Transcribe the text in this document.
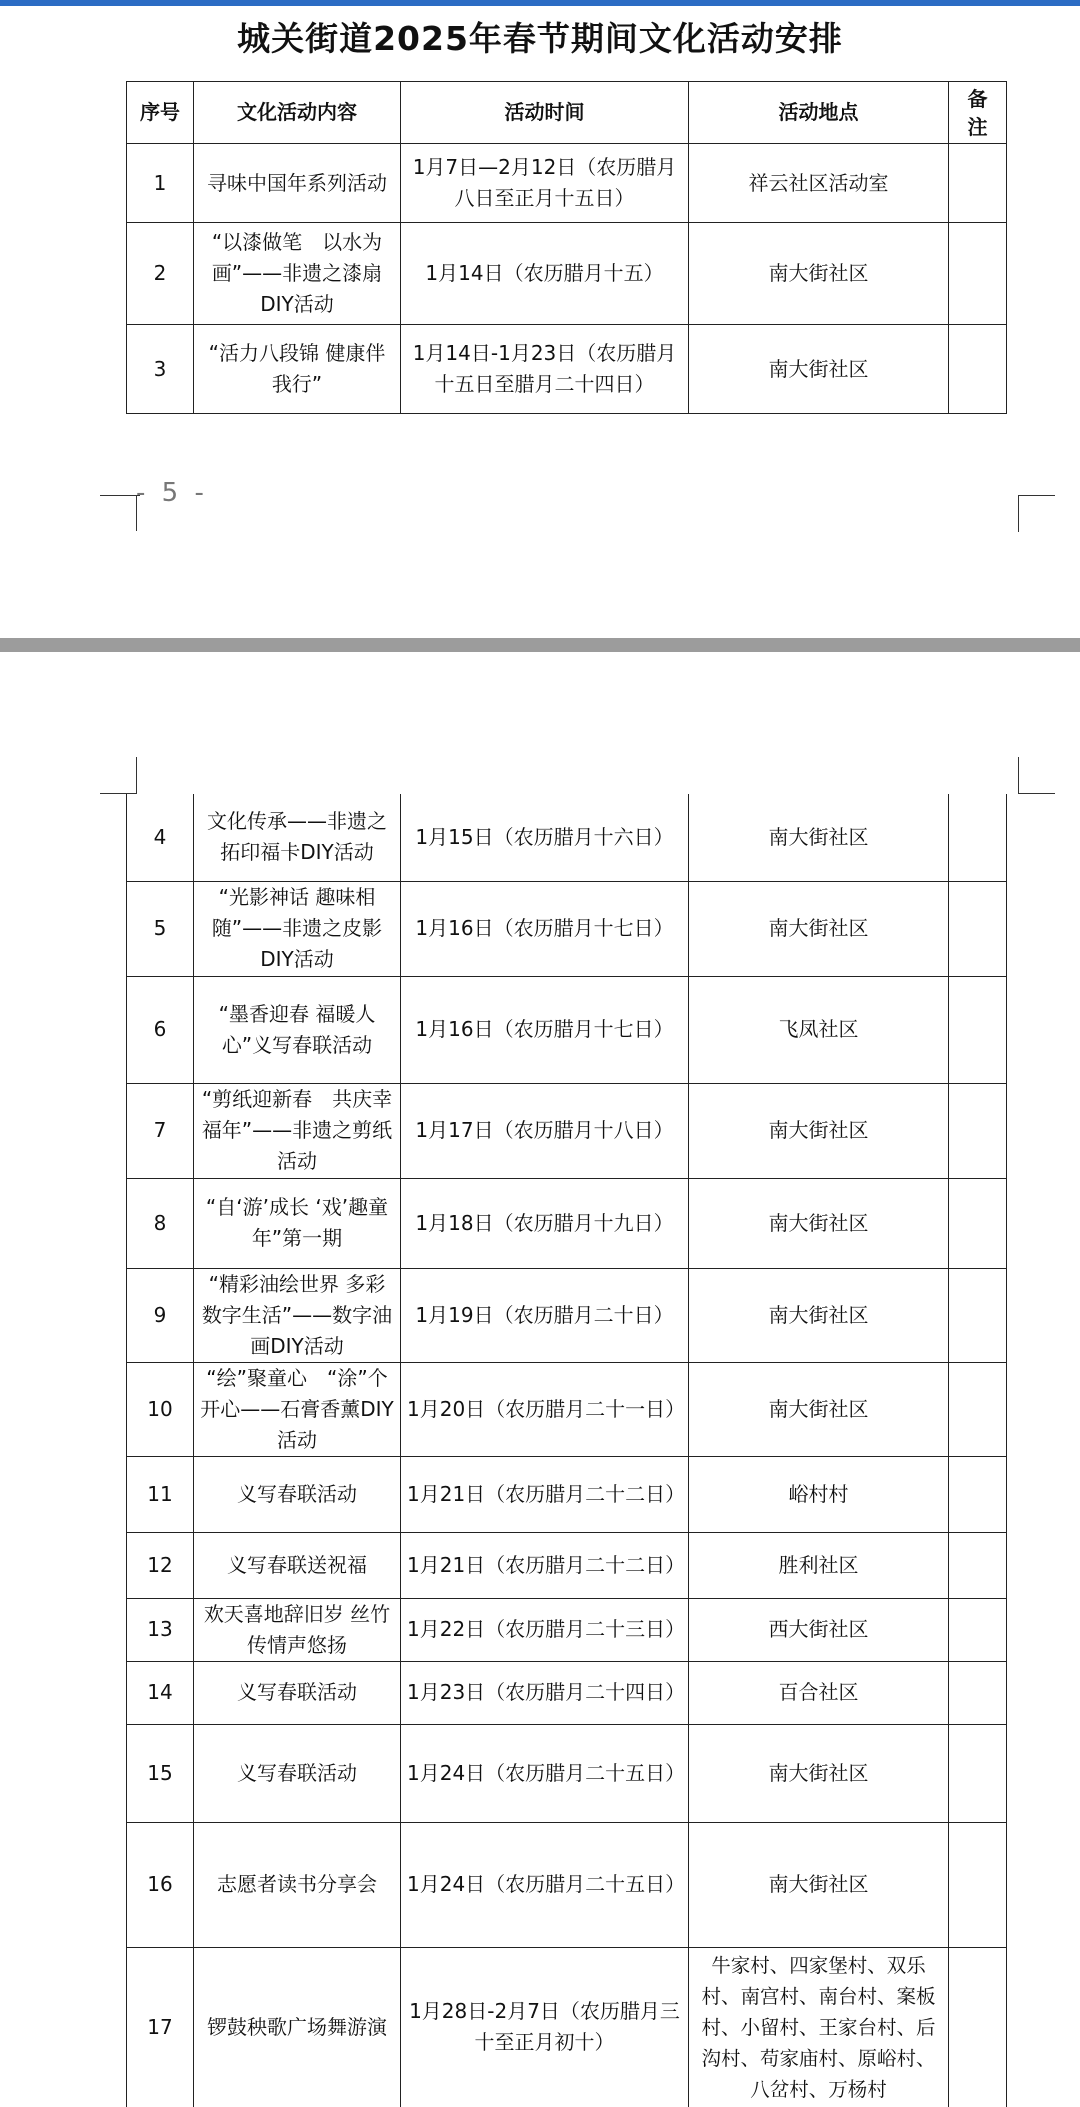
城关街道2025年春节期间文化活动安排
序号	文化活动内容	活动时间	活动地点	备注
1	寻味中国年系列活动	1月7日—2月12日（农历腊月八日至正月十五日）	祥云社区活动室	
2	“以漆做笔　以水为画”——非遗之漆扇DIY活动	1月14日（农历腊月十五）	南大街社区	
3	“活力八段锦 健康伴我行”	1月14日-1月23日（农历腊月十五日至腊月二十四日）	南大街社区	
- 5 -
4	文化传承——非遗之拓印福卡DIY活动	1月15日（农历腊月十六日）	南大街社区	
5	“光影神话 趣味相随”——非遗之皮影DIY活动	1月16日（农历腊月十七日）	南大街社区	
6	“墨香迎春 福暖人心”义写春联活动	1月16日（农历腊月十七日）	飞凤社区	
7	“剪纸迎新春　共庆幸福年”——非遗之剪纸活动	1月17日（农历腊月十八日）	南大街社区	
8	“自‘游’成长 ‘戏’趣童年”第一期	1月18日（农历腊月十九日）	南大街社区	
9	“精彩油绘世界 多彩数字生活”——数字油画DIY活动	1月19日（农历腊月二十日）	南大街社区	
10	“绘”聚童心　“涂”个开心——石膏香薰DIY活动	1月20日（农历腊月二十一日）	南大街社区	
11	义写春联活动	1月21日（农历腊月二十二日）	峪村村	
12	义写春联送祝福	1月21日（农历腊月二十二日）	胜利社区	
13	欢天喜地辞旧岁 丝竹传情声悠扬	1月22日（农历腊月二十三日）	西大街社区	
14	义写春联活动	1月23日（农历腊月二十四日）	百合社区	
15	义写春联活动	1月24日（农历腊月二十五日）	南大街社区	
16	志愿者读书分享会	1月24日（农历腊月二十五日）	南大街社区	
17	锣鼓秧歌广场舞游演	1月28日-2月7日（农历腊月三十至正月初十）	牛家村、四家堡村、双乐村、南宫村、南台村、案板村、小留村、王家台村、后沟村、苟家庙村、原峪村、八岔村、万杨村	
